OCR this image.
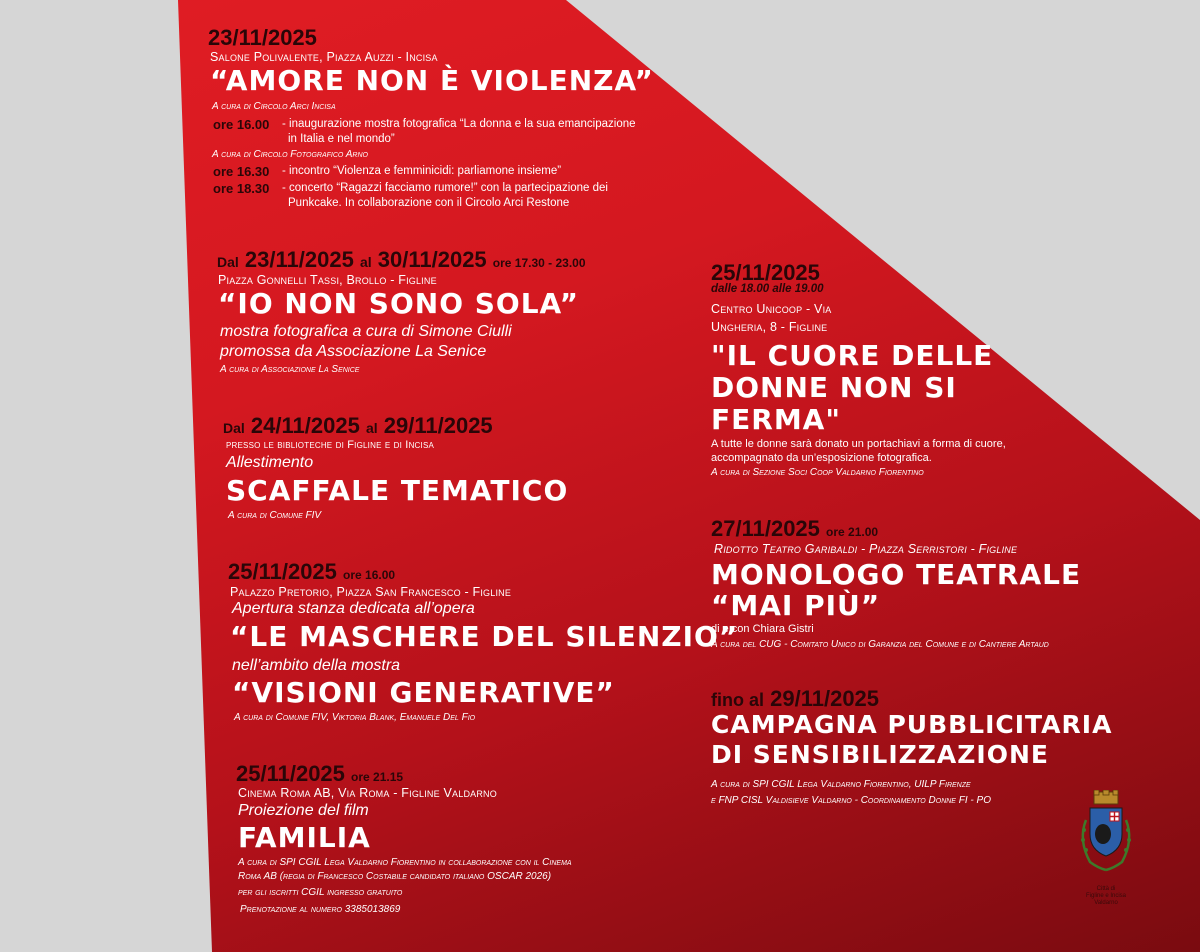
23/11/2025
Salone Polivalente, Piazza Auzzi - Incisa
“AMORE NON È VIOLENZA”
A cura di Circolo Arci Incisa
ore 16.00 - inaugurazione mostra fotografica “La donna e la sua emancipazione
in Italia e nel mondo”
A cura di Circolo Fotografico Arno
ore 16.30 - incontro “Violenza e femminicidi: parliamone insieme”
ore 18.30 - concerto “Ragazzi facciamo rumore!” con la partecipazione dei
Punkcake. In collaborazione con il Circolo Arci Restone
Dal 23/11/2025 al 30/11/2025 ore 17.30 - 23.00
Piazza Gonnelli Tassi, Brollo - Figline
“IO NON SONO SOLA”
mostra fotografica a cura di Simone Ciulli
promossa da Associazione La Senice
A cura di Associazione La Senice
Dal 24/11/2025 al 29/11/2025
presso le biblioteche di Figline e di Incisa
Allestimento
SCAFFALE TEMATICO
A cura di Comune FIV
25/11/2025 ore 16.00
Palazzo Pretorio, Piazza San Francesco - Figline
Apertura stanza dedicata all’opera
“LE MASCHERE DEL SILENZIO”
nell’ambito della mostra
“VISIONI GENERATIVE”
A cura di Comune FIV, Viktoria Blank, Emanuele Del Fio
25/11/2025 ore 21.15
Cinema Roma AB, Via Roma - Figline Valdarno
Proiezione del film
FAMILIA
A cura di SPI CGIL Lega Valdarno Fiorentino in collaborazione con il Cinema
Roma AB (regia di Francesco Costabile candidato italiano OSCAR 2026)
per gli iscritti CGIL ingresso gratuito
Prenotazione al numero 3385013869
25/11/2025
dalle 18.00 alle 19.00
Centro Unicoop - Via
Ungheria, 8 - Figline
"IL CUORE DELLE
DONNE NON SI
FERMA"
A tutte le donne sarà donato un portachiavi a forma di cuore,
accompagnato da un’esposizione fotografica.
A cura di Sezione Soci Coop Valdarno Fiorentino
27/11/2025 ore 21.00
Ridotto Teatro Garibaldi - Piazza Serristori - Figline
MONOLOGO TEATRALE
“MAI PIÙ”
di e con Chiara Gistri
A cura del CUG - Comitato Unico di Garanzia del Comune e di Cantiere Artaud
fino al 29/11/2025
CAMPAGNA PUBBLICITARIA
DI SENSIBILIZZAZIONE
A cura di SPI CGIL Lega Valdarno Fiorentino, UILP Firenze
e FNP CISL Valdisieve Valdarno - Coordinamento Donne FI - PO
Città di
Figline e Incisa
Valdarno
